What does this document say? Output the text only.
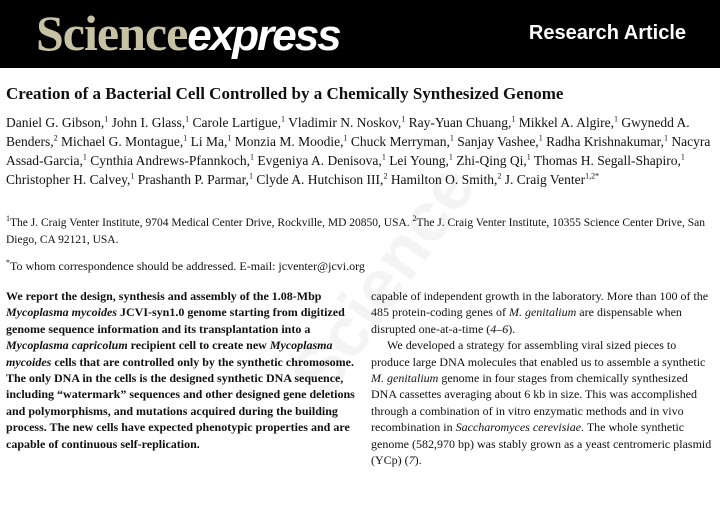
Scienceexpress	Research Article
Creation of a Bacterial Cell Controlled by a Chemically Synthesized Genome
Daniel G. Gibson,$^1$ John I. Glass,$^1$ Carole Lartigue,$^1$ Vladimir N. Noskov,$^1$ Ray-Yuan Chuang,$^1$ Mikkel A. Algire,$^1$ Gwynedd A. Benders,$^2$ Michael G. Montague,$^1$ Li Ma,$^1$ Monzia M. Moodie,$^1$ Chuck Merryman,$^1$ Sanjay Vashee,$^1$ Radha Krishnakumar,$^1$ Nacyra Assad-Garcia,$^1$ Cynthia Andrews-Pfannkoch,$^1$ Evgeniya A. Denisova,$^1$ Lei Young,$^1$ Zhi-Qing Qi,$^1$ Thomas H. Segall-Shapiro,$^1$ Christopher H. Calvey,$^1$ Prashanth P. Parmar,$^1$ Clyde A. Hutchison III,$^2$ Hamilton O. Smith,$^2$ J. Craig Venter$^{1,2*}$
$^1$The J. Craig Venter Institute, 9704 Medical Center Drive, Rockville, MD 20850, USA. $^2$The J. Craig Venter Institute, 10355 Science Center Drive, San Diego, CA 92121, USA.
*To whom correspondence should be addressed. E-mail: jcventer@jcvi.org

We report the design, synthesis and assembly of the 1.08-Mbp Mycoplasma mycoides JCVI-syn1.0 genome starting from digitized genome sequence information and its transplantation into a Mycoplasma capricolum recipient cell to create new Mycoplasma mycoides cells that are controlled only by the synthetic chromosome. The only DNA in the cells is the designed synthetic DNA sequence, including “watermark” sequences and other designed gene deletions and polymorphisms, and mutations acquired during the building process. The new cells have expected phenotypic properties and are capable of continuous self-replication.

capable of independent growth in the laboratory. More than 100 of the 485 protein-coding genes of M. genitalium are dispensable when disrupted one-at-a-time (4–6).

We developed a strategy for assembling viral sized pieces to produce large DNA molecules that enabled us to assemble a synthetic M. genitalium genome in four stages from chemically synthesized DNA cassettes averaging about 6 kb in size. This was accomplished through a combination of in vitro enzymatic methods and in vivo recombination in Saccharomyces cerevisiae. The whole synthetic genome (582,970 bp) was stably grown as a yeast centromeric plasmid (YCp) (7).
